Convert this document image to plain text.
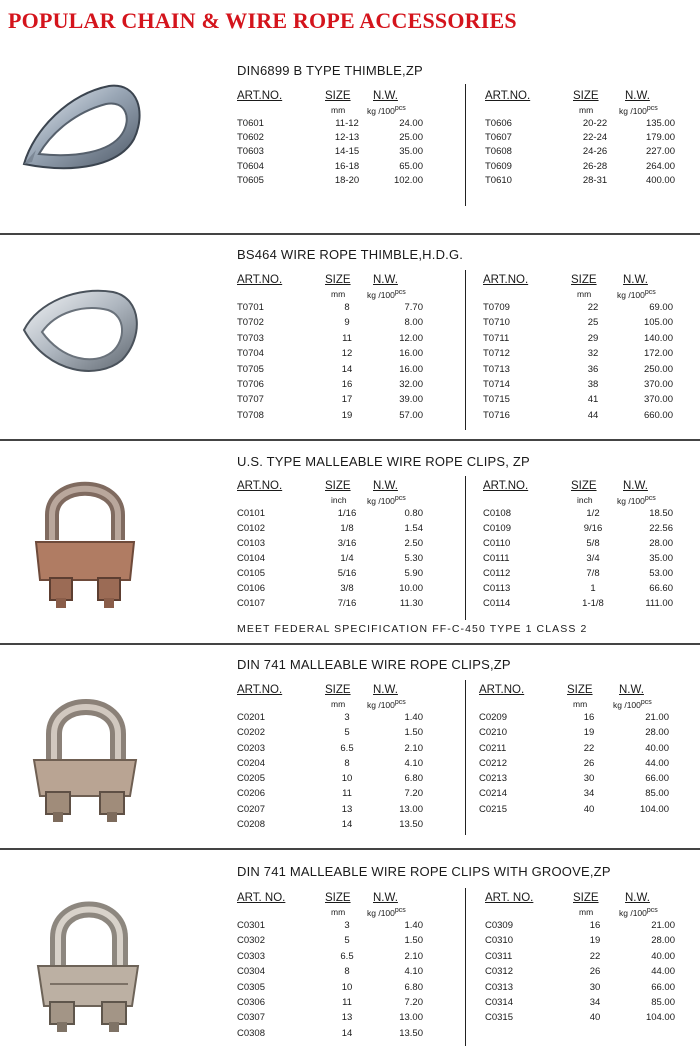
POPULAR CHAIN & WIRE ROPE ACCESSORIES
DIN6899 B TYPE THIMBLE,ZP
ART.NO.	SIZE N.W.
mm	kg $/100^{pcs}$
T0601	11-12	24.00
T0602	12-13	25.00
T0603	14-15	35.00
T0604	16-18	65.00
T0605	18-20	102.00
ART.NO.	SIZE N.W.
mm	kg $/100^{pcs}$
T0606	20-22	135.00
T0607	22-24	179.00
T0608	24-26	227.00
T0609	26-28	264.00
T0610	28-31	400.00
BS464 WIRE ROPE THIMBLE,H.D.G.
ART.NO.	SIZE N.W.
mm	kg $/100^{pcs}$
T0701	8	7.70
T0702	9	8.00
T0703	11	12.00
T0704	12	16.00
T0705	14	16.00
T0706	16	32.00
T0707	17	39.00
T0708	19	57.00
ART.NO.	SIZE N.W.
mm	kg $/100^{pcs}$
T0709	22	69.00
T0710	25	105.00
T0711	29	140.00
T0712	32	172.00
T0713	36	250.00
T0714	38	370.00
T0715	41	370.00
T0716	44	660.00
U.S. TYPE MALLEABLE WIRE ROPE CLIPS, ZP
ART.NO.	SIZE N.W.
inch kg $/100^{pcs}$
C0101	1/16	0.80
C0102	1/8	1.54
C0103	3/16	2.50
C0104	1/4	5.30
C0105	5/16	5.90
C0106	3/8	10.00
C0107	7/16	11.30
ART.NO.	SIZE N.W.
inch	kg $/100^{pcs}$
C0108	1/2	18.50
C0109	9/16	22.56
C0110	5/8	28.00
C0111	3/4	35.00
C0112	7/8	53.00
C0113	1	66.60
C0114	1-1/8	111.00
MEET FEDERAL SPECIFICATION FF-C-450 TYPE 1 CLASS 2
DIN 741 MALLEABLE WIRE ROPE CLIPS,ZP
ART.NO.	SIZE N.W.
mm	kg $/100^{pcs}$
C0201	3	1.40
C0202	5	1.50
C0203	6.5	2.10
C0204	8	4.10
C0205	10	6.80
C0206	11	7.20
C0207	13	13.00
C0208	14	13.50
ART.NO.	SIZE N.W.
mm	kg $/100^{pcs}$
C0209	16	21.00
C0210	19	28.00
C0211	22	40.00
C0212	26	44.00
C0213	30	66.00
C0214	34	85.00
C0215	40	104.00
DIN 741 MALLEABLE WIRE ROPE CLIPS WITH GROOVE,ZP
ART. NO.	SIZE N.W.
mm	kg $/100^{pcs}$
C0301	3	1.40
C0302	5	1.50
C0303	6.5	2.10
C0304	8	4.10
C0305	10	6.80
C0306	11	7.20
C0307	13	13.00
C0308	14	13.50
ART. NO.	SIZE N.W.
mm	kg $/100^{pcs}$
C0309	16	21.00
C0310	19	28.00
C0311	22	40.00
C0312	26	44.00
C0313	30	66.00
C0314	34	85.00
C0315	40	104.00
